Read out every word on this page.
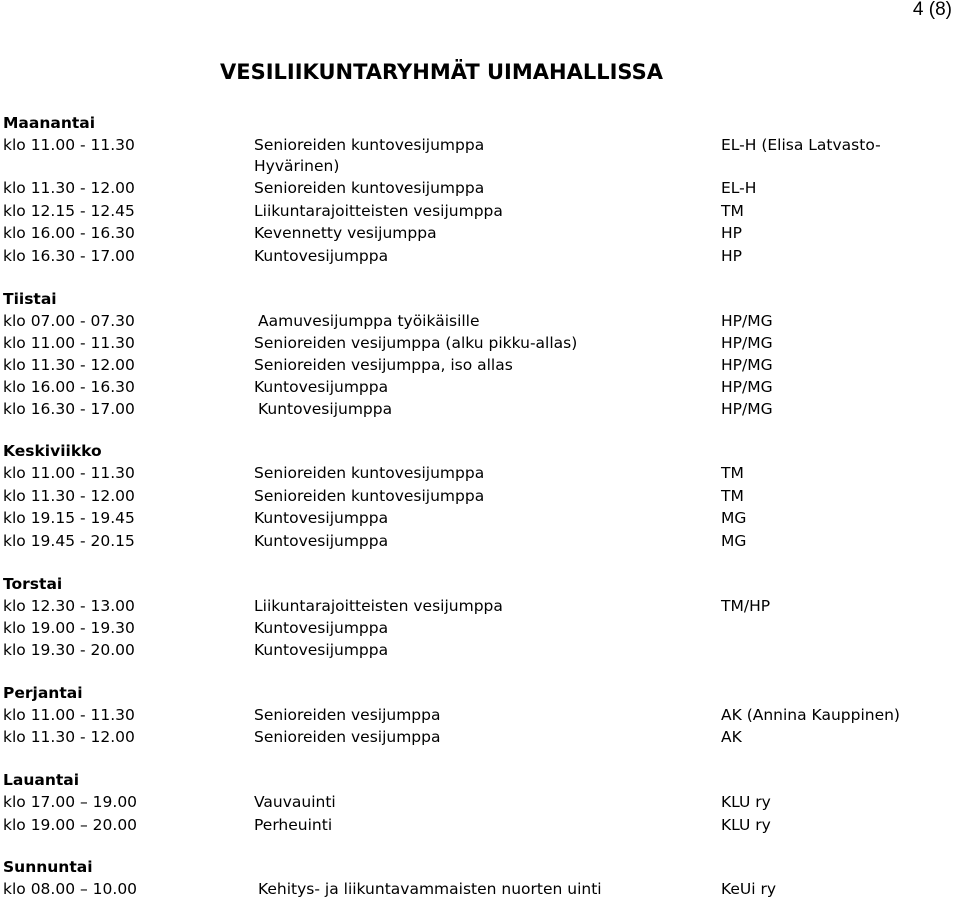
4 (8)
VESILIIKUNTARYHMÄT UIMAHALLISSA
Maanantai
klo 11.00 - 11.30	Senioreiden kuntovesijumppa	EL-H (Elisa Latvasto-
Hyvärinen)
klo 11.30 - 12.00	Senioreiden kuntovesijumppa	EL-H
klo 12.15 - 12.45	Liikuntarajoitteisten vesijumppa	TM
klo 16.00 - 16.30	Kevennetty vesijumppa	HP
klo 16.30 - 17.00	Kuntovesijumppa	HP
Tiistai
klo 07.00 - 07.30	Aamuvesijumppa työikäisille	HP/MG
klo 11.00 - 11.30	Senioreiden vesijumppa (alku pikku-allas)	HP/MG
klo 11.30 - 12.00	Senioreiden vesijumppa, iso allas	HP/MG
klo 16.00 - 16.30	Kuntovesijumppa	HP/MG
klo 16.30 - 17.00	Kuntovesijumppa	HP/MG
Keskiviikko
klo 11.00 - 11.30	Senioreiden kuntovesijumppa	TM
klo 11.30 - 12.00	Senioreiden kuntovesijumppa	TM
klo 19.15 - 19.45	Kuntovesijumppa	MG
klo 19.45 - 20.15	Kuntovesijumppa	MG
Torstai
klo 12.30 - 13.00	Liikuntarajoitteisten vesijumppa	TM/HP
klo 19.00 - 19.30	Kuntovesijumppa
klo 19.30 - 20.00	Kuntovesijumppa
Perjantai
klo 11.00 - 11.30	Senioreiden vesijumppa	AK (Annina Kauppinen)
klo 11.30 - 12.00	Senioreiden vesijumppa	AK
Lauantai
klo 17.00 – 19.00	Vauvauinti	KLU ry
klo 19.00 – 20.00	Perheuinti	KLU ry
Sunnuntai
klo 08.00 – 10.00	Kehitys- ja liikuntavammaisten nuorten uinti	KeUi ry
